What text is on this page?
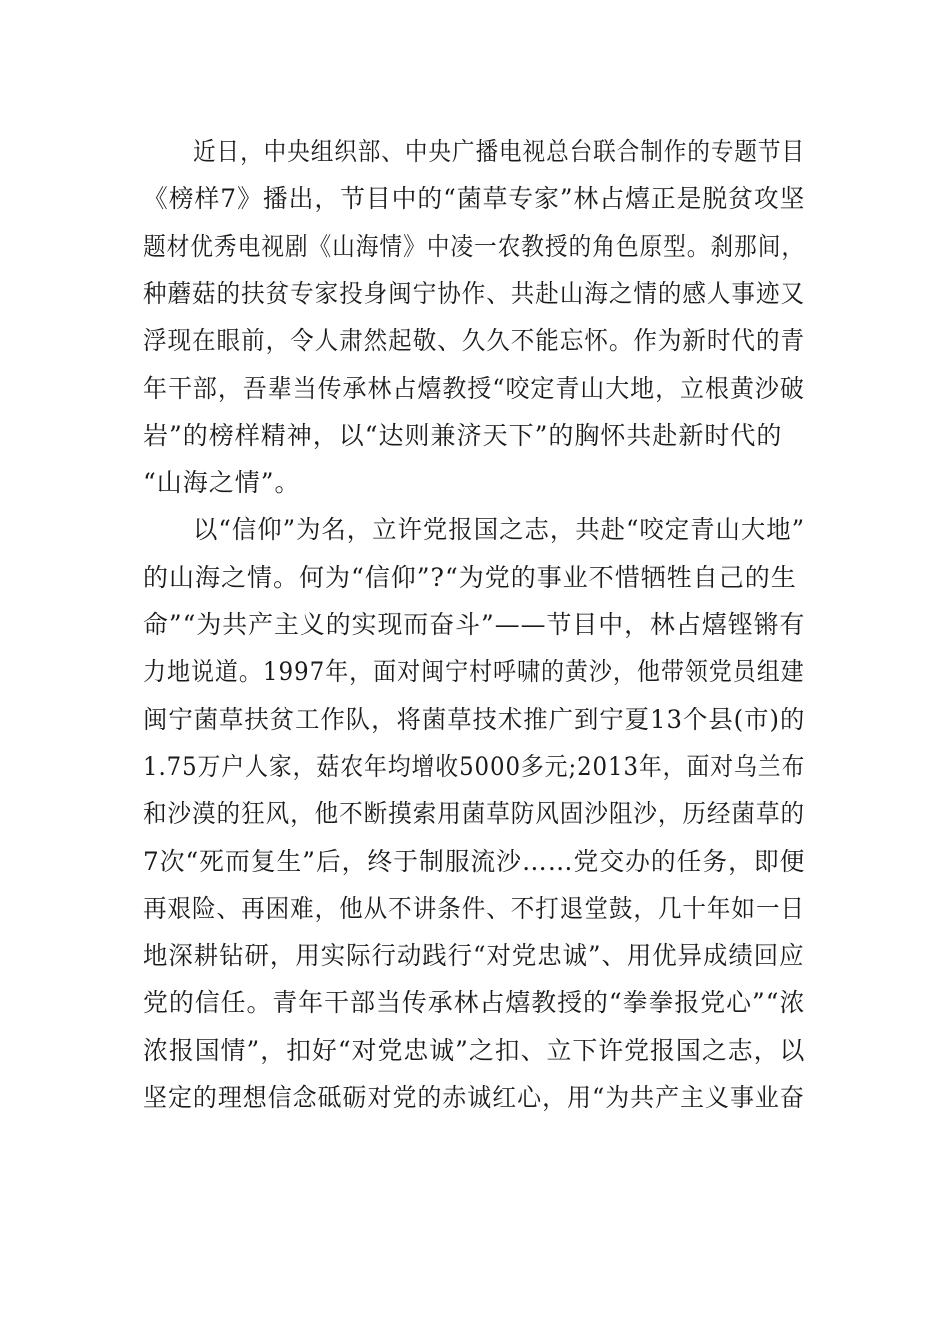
近日，中央组织部、中央广播电视总台联合制作的专题节目
《榜样7》播出，节目中的“菌草专家”林占熺正是脱贫攻坚
题材优秀电视剧《山海情》中凌一农教授的角色原型。刹那间，
种蘑菇的扶贫专家投身闽宁协作、共赴山海之情的感人事迹又
浮现在眼前，令人肃然起敬、久久不能忘怀。作为新时代的青
年干部，吾辈当传承林占熺教授“咬定青山大地，立根黄沙破
岩”的榜样精神，以“达则兼济天下”的胸怀共赴新时代的
“山海之情”。
以“信仰”为名，立许党报国之志，共赴“咬定青山大地”
的山海之情。何为“信仰”?“为党的事业不惜牺牲自己的生
命”“为共产主义的实现而奋斗”——节目中，林占熺铿锵有
力地说道。1997年，面对闽宁村呼啸的黄沙，他带领党员组建
闽宁菌草扶贫工作队，将菌草技术推广到宁夏13个县(市)的
1.75万户人家，菇农年均增收5000多元;2013年，面对乌兰布
和沙漠的狂风，他不断摸索用菌草防风固沙阻沙，历经菌草的
7次“死而复生”后，终于制服流沙……党交办的任务，即便
再艰险、再困难，他从不讲条件、不打退堂鼓，几十年如一日
地深耕钻研，用实际行动践行“对党忠诚”、用优异成绩回应
党的信任。青年干部当传承林占熺教授的“拳拳报党心”“浓
浓报国情”，扣好“对党忠诚”之扣、立下许党报国之志，以
坚定的理想信念砥砺对党的赤诚红心，用“为共产主义事业奋
